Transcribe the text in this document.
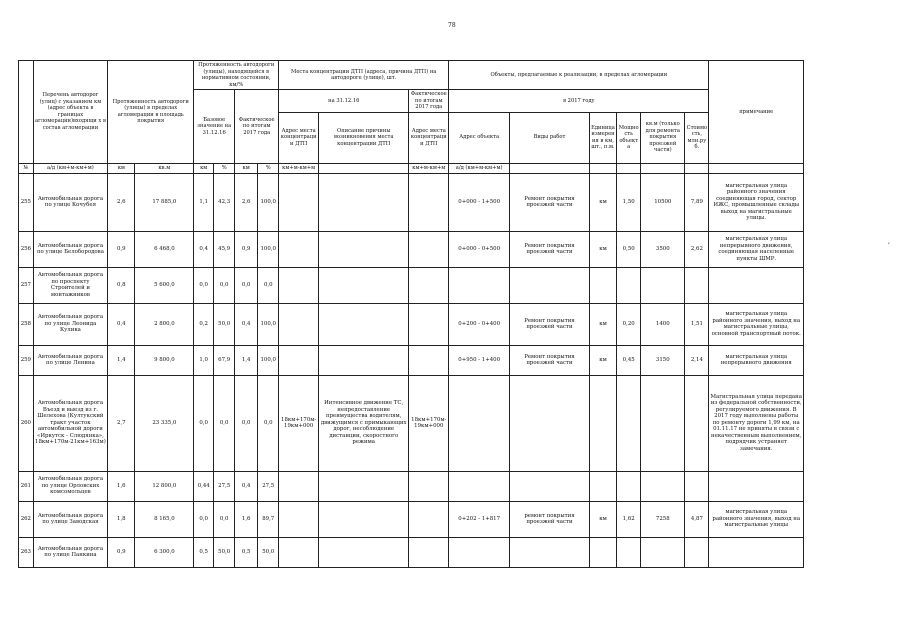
78
,
	Перечень автодорог (улиц) с указанием км (адрес объекта в границах агломерации)входящи х в состав агломерации	Протяженность автодороги (улицы) в пределах агломерации в площадь покрытия		Протяженность автодороги (улицы), находящейся в нормативном состоянии, км/%				Места концентрации ДТП (адреса, причина ДТП) на автодороге (улице), шт.			Объекты, предлагаемые к реализации, в пределах агломерации						примечание
				Базовое значение на 31.12.16		Фактическое по итогам 2017 года		на 31.12.16		Фактическое по итогам 2017 года	в 2017 году						
								Адрес места концентрации ДТП	Описание причины возникновения места концентрации ДТП	Адрес места концентрации ДТП	Адрес объекта	Виды работ	Единица измерения в км, шт., п.м.	Мощность объекта	кв.м (только для ремонта покрытия проезжей части)	Стоимость, млн.руб.	
№	а/д (км+м-км+м)	км	кв.м	км	%	км	%	км+м-км+м		км+м-км+м	а/д (км+м-км+м)						
255	Автомобильная дорога по улице Кочубея	2,6	17 885,0	1,1	42,3	2,6	100,0				0+000 - 1+500	Ремонт покрытия проезжей части	км	1,50	10500	7,89	магистральная улица районного значения соединяющая город, сектор ИЖС, промышленные склады выход на магистральные улицы.
256	Автомобильная дорога по улице Белобородова	0,9	6 468,0	0,4	45,9	0,9	100,0				0+000 - 0+500	Ремонт покрытия проезжей части	км	0,50	3500	2,62	магистральная улица непрерывного движения, соединяющая населенные пункты ШМР.
257	Автомобильная дорога по проспекту Строителей и монтажников	0,8	5 600,0	0,0	0,0	0,0	0,0										
258	Автомобильная дорога по улице Леонида Кулика	0,4	2 800,0	0,2	50,0	0,4	100,0				0+200 - 0+400	Ремонт покрытия проезжей части	км	0,20	1400	1,51	магистральная улица районного значения, выход на магистральные улицы, основной транспортный поток.
259	Автомобильная дорога по улице Ленина	1,4	9 800,0	1,0	67,9	1,4	100,0				0+950 - 1+400	Ремонт покрытия проезжей части	км	0,45	3150	2,14	магистральная улица непрерывного движения
260	Автомобильная дорога Въезд и выезд из г. Шелехова (Култукский тракт участок автомобильной дороги «Иркутск - Слюдянка», 18км+170м-21км+163м)	2,7	23 335,0	0,0	0,0	0,0	0,0	18км+170м-19км+000	Интенсивное движение ТС, непредоставление преимущества водителям, движущимся с примыкающих дорог, несоблюдение дистанции, скоростного режима	18км+170м-19км+000							Магистральная улица передана из федеральной собственности, регулируемого движения. В 2017 году выполнены работы по ремонту дороги 1,99 км, на 01.11.17 не приняты в связи с некачественным выполнением, подрядчик устраняет замечания.
261	Автомобильная дорога по улице Орловских комсомольцев	1,6	12 800,0	0,44	27,5	0,4	27,5										
262	Автомобильная дорога по улице Заводская	1,8	8 165,0	0,0	0,0	1,6	89,7				0+202 - 1+817	ремонт покрытия проезжей части	км	1,62	7258	4,87	магистральная улица районного значения, выход на магистральные улицы
263	Автомобильная дорога по улице Панкина	0,9	6 300,0	0,5	50,0	0,5	50,0										
